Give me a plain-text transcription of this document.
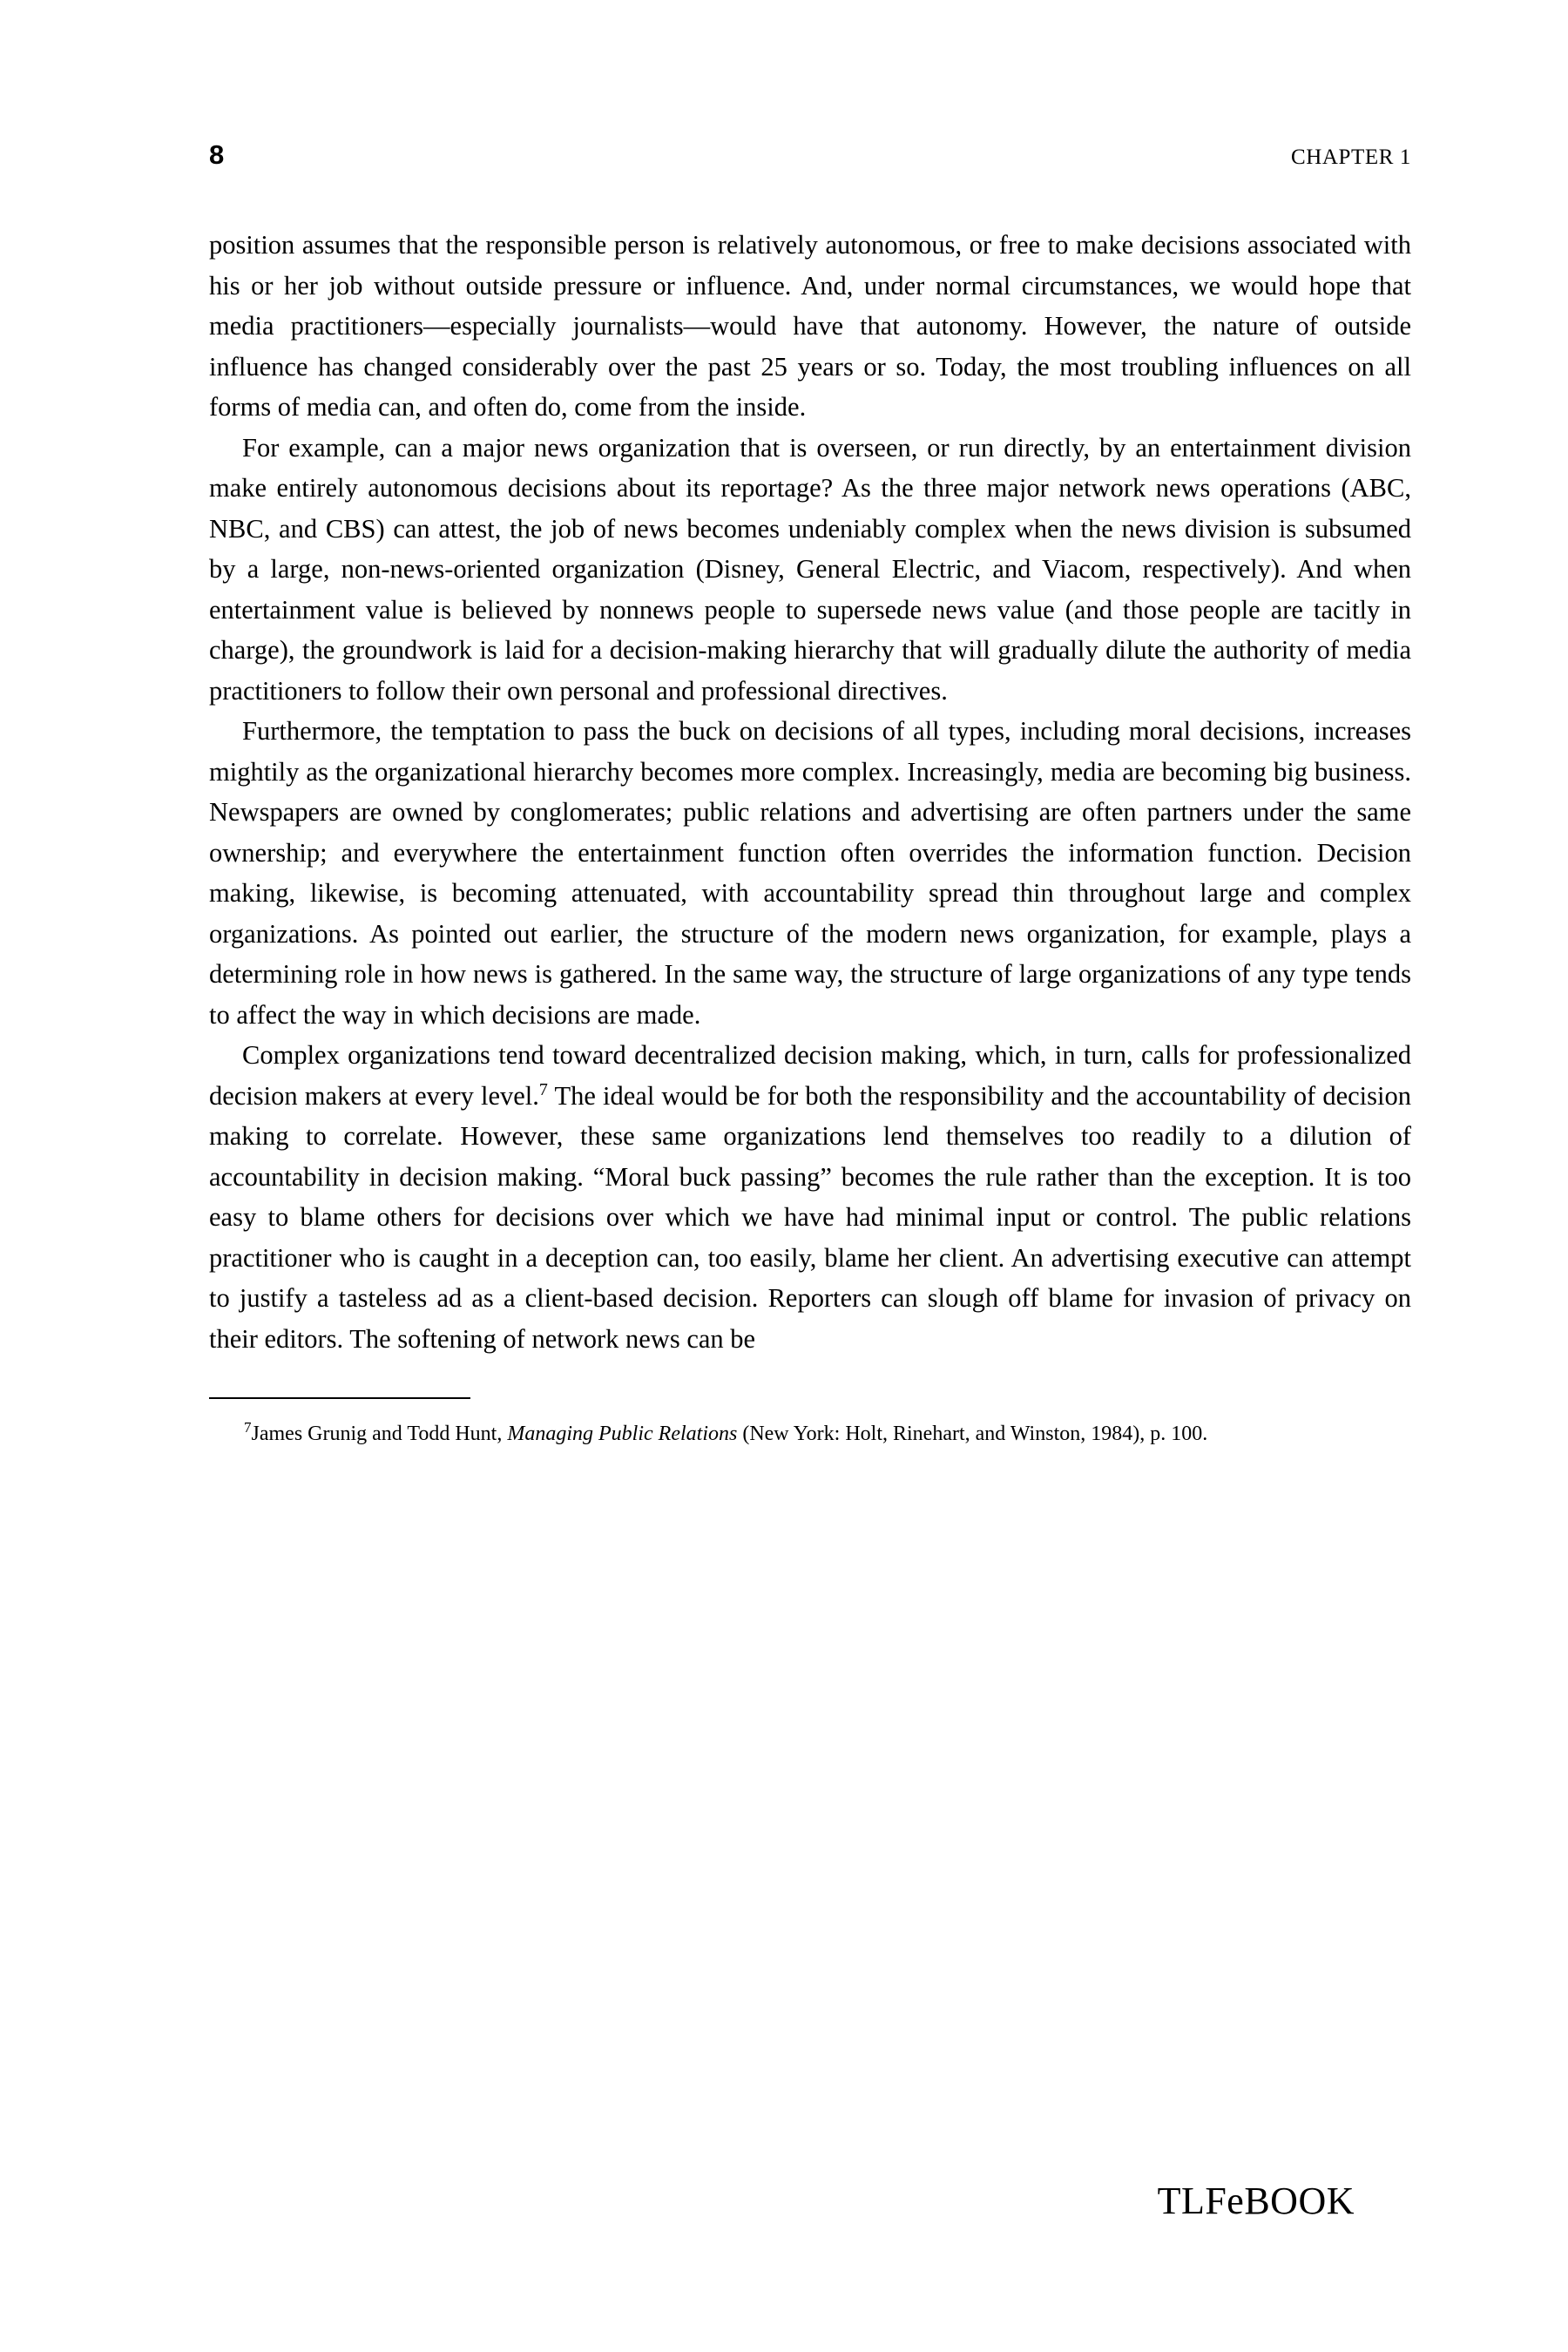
8	CHAPTER 1

position assumes that the responsible person is relatively autonomous, or free to make decisions associated with his or her job without outside pressure or influence. And, under normal circumstances, we would hope that media practitioners—especially journalists—would have that autonomy. However, the nature of outside influence has changed considerably over the past 25 years or so. Today, the most troubling influences on all forms of media can, and often do, come from the inside.

For example, can a major news organization that is overseen, or run directly, by an entertainment division make entirely autonomous decisions about its reportage? As the three major network news operations (ABC, NBC, and CBS) can attest, the job of news becomes undeniably complex when the news division is subsumed by a large, non-news-oriented organization (Disney, General Electric, and Viacom, respectively). And when entertainment value is believed by nonnews people to supersede news value (and those people are tacitly in charge), the groundwork is laid for a decision-making hierarchy that will gradually dilute the authority of media practitioners to follow their own personal and professional directives.

Furthermore, the temptation to pass the buck on decisions of all types, including moral decisions, increases mightily as the organizational hierarchy becomes more complex. Increasingly, media are becoming big business. Newspapers are owned by conglomerates; public relations and advertising are often partners under the same ownership; and everywhere the entertainment function often overrides the information function. Decision making, likewise, is becoming attenuated, with accountability spread thin throughout large and complex organizations. As pointed out earlier, the structure of the modern news organization, for example, plays a determining role in how news is gathered. In the same way, the structure of large organizations of any type tends to affect the way in which decisions are made.

Complex organizations tend toward decentralized decision making, which, in turn, calls for professionalized decision makers at every level.$^7$ The ideal would be for both the responsibility and the accountability of decision making to correlate. However, these same organizations lend themselves too readily to a dilution of accountability in decision making. “Moral buck passing” becomes the rule rather than the exception. It is too easy to blame others for decisions over which we have had minimal input or control. The public relations practitioner who is caught in a deception can, too easily, blame her client. An advertising executive can attempt to justify a tasteless ad as a client-based decision. Reporters can slough off blame for invasion of privacy on their editors. The softening of network news can be

$^7$James Grunig and Todd Hunt, Managing Public Relations (New York: Holt, Rinehart, and Winston, 1984), p. 100.
TLFeBOOK
